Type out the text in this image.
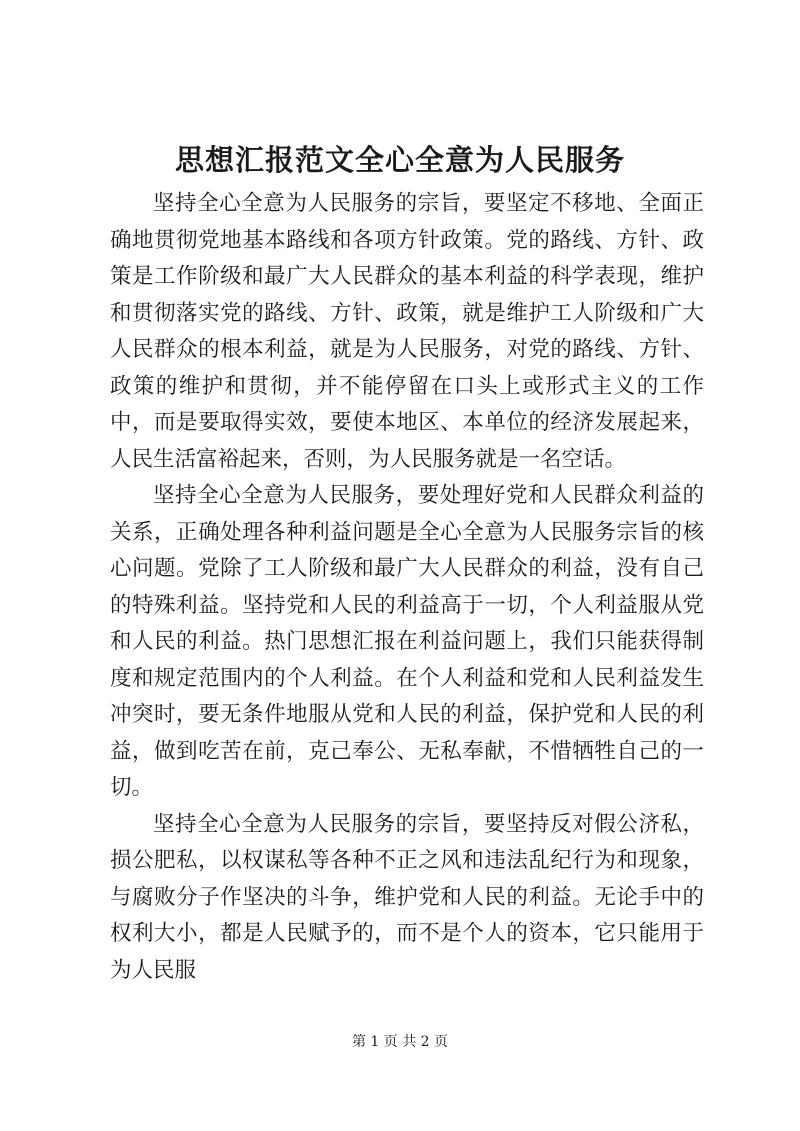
思想汇报范文全心全意为人民服务

坚持全心全意为人民服务的宗旨，要坚定不移地、全面正确地贯彻党地基本路线和各项方针政策。党的路线、方针、政策是工作阶级和最广大人民群众的基本利益的科学表现，维护和贯彻落实党的路线、方针、政策，就是维护工人阶级和广大人民群众的根本利益，就是为人民服务，对党的路线、方针、政策的维护和贯彻，并不能停留在口头上或形式主义的工作中，而是要取得实效，要使本地区、本单位的经济发展起来，人民生活富裕起来，否则，为人民服务就是一名空话。

坚持全心全意为人民服务，要处理好党和人民群众利益的关系，正确处理各种利益问题是全心全意为人民服务宗旨的核心问题。党除了工人阶级和最广大人民群众的利益，没有自己的特殊利益。坚持党和人民的利益高于一切，个人利益服从党和人民的利益。热门思想汇报在利益问题上，我们只能获得制度和规定范围内的个人利益。在个人利益和党和人民利益发生冲突时，要无条件地服从党和人民的利益，保护党和人民的利益，做到吃苦在前，克己奉公、无私奉献，不惜牺牲自己的一切。

坚持全心全意为人民服务的宗旨，要坚持反对假公济私，损公肥私，以权谋私等各种不正之风和违法乱纪行为和现象，与腐败分子作坚决的斗争，维护党和人民的利益。无论手中的权利大小，都是人民赋予的，而不是个人的资本，它只能用于为人民服

第 1 页 共 2 页
